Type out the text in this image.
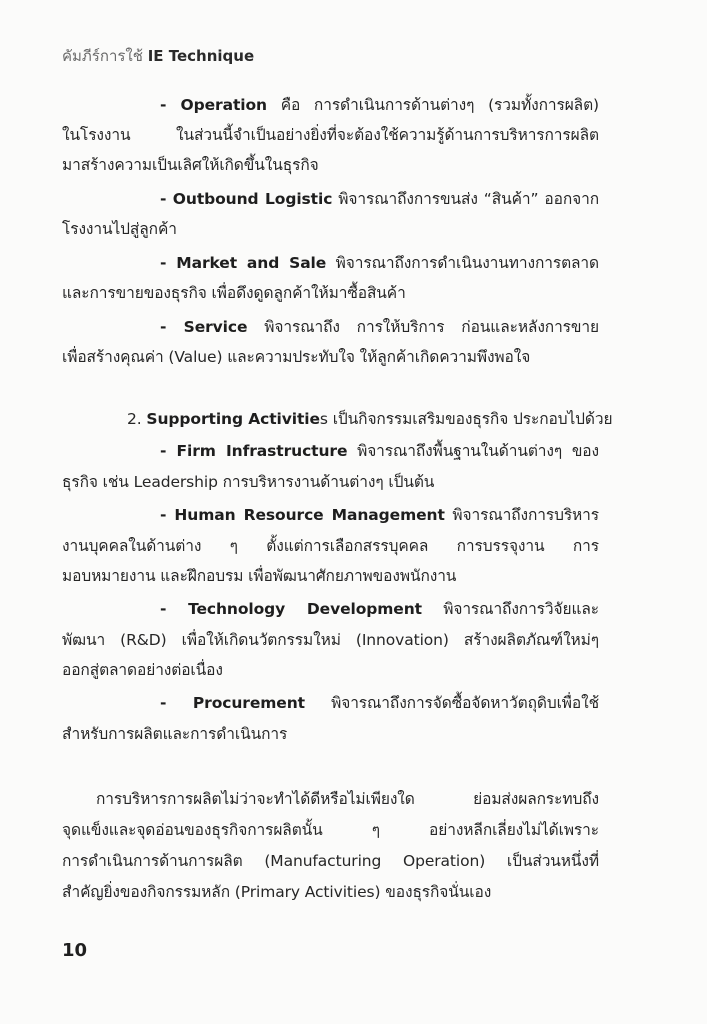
คัมภีร์การใช้ IE Technique
- Operation คือ การดำเนินการด้านต่างๆ (รวมทั้งการผลิต)
ในโรงงาน ในส่วนนี้จำเป็นอย่างยิ่งที่จะต้องใช้ความรู้ด้านการบริหารการผลิต
มาสร้างความเป็นเลิศให้เกิดขึ้นในธุรกิจ
- Outbound Logistic พิจารณาถึงการขนส่ง “สินค้า” ออกจาก
โรงงานไปสู่ลูกค้า
- Market and Sale พิจารณาถึงการดำเนินงานทางการตลาด
และการขายของธุรกิจ เพื่อดึงดูดลูกค้าให้มาซื้อสินค้า
- Service พิจารณาถึง การให้บริการ ก่อนและหลังการขาย
เพื่อสร้างคุณค่า (Value) และความประทับใจ ให้ลูกค้าเกิดความพึงพอใจ
2. Supporting Activities เป็นกิจกรรมเสริมของธุรกิจ ประกอบไปด้วย
- Firm Infrastructure พิจารณาถึงพื้นฐานในด้านต่างๆ ของ
ธุรกิจ เช่น Leadership การบริหารงานด้านต่างๆ เป็นต้น
- Human Resource Management พิจารณาถึงการบริหาร
งานบุคคลในด้านต่าง ๆ ตั้งแต่การเลือกสรรบุคคล การบรรจุงาน การ
มอบหมายงาน และฝึกอบรม เพื่อพัฒนาศักยภาพของพนักงาน
- Technology Development พิจารณาถึงการวิจัยและ
พัฒนา (R&D) เพื่อให้เกิดนวัตกรรมใหม่ (Innovation) สร้างผลิตภัณฑ์ใหม่ๆ
ออกสู่ตลาดอย่างต่อเนื่อง
- Procurement พิจารณาถึงการจัดซื้อจัดหาวัตถุดิบเพื่อใช้
สำหรับการผลิตและการดำเนินการ
การบริหารการผลิตไม่ว่าจะทำได้ดีหรือไม่เพียงใด ย่อมส่งผลกระทบถึง
จุดแข็งและจุดอ่อนของธุรกิจการผลิตนั้น ๆ อย่างหลีกเลี่ยงไม่ได้เพราะ
การดำเนินการด้านการผลิต (Manufacturing Operation) เป็นส่วนหนึ่งที่
สำคัญยิ่งของกิจกรรมหลัก (Primary Activities) ของธุรกิจนั่นเอง
10
